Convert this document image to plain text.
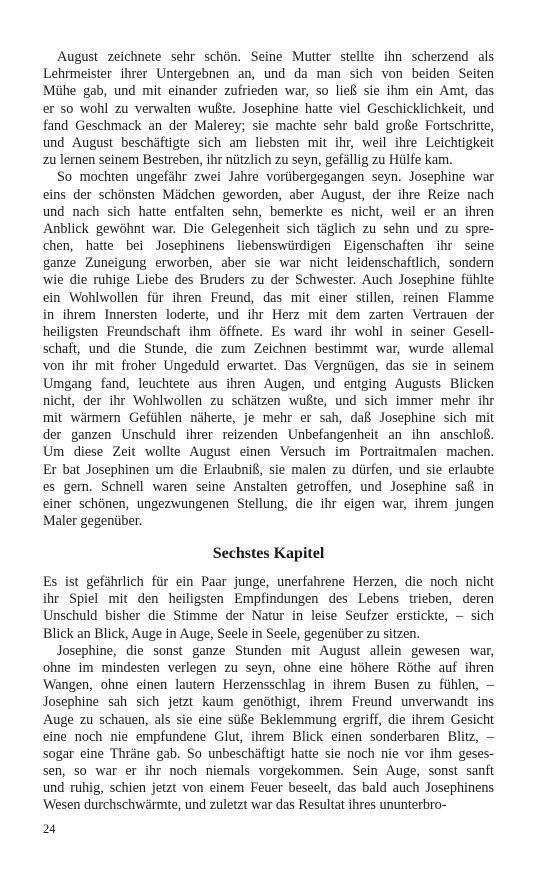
August zeichnete sehr schön. Seine Mutter stellte ihn scherzend als
Lehrmeister ihrer Untergebnen an, und da man sich von beiden Seiten
Mühe gab, und mit einander zufrieden war, so ließ sie ihm ein Amt, das
er so wohl zu verwalten wußte. Josephine hatte viel Geschicklichkeit, und
fand Geschmack an der Malerey; sie machte sehr bald große Fortschritte,
und August beschäftigte sich am liebsten mit ihr, weil ihre Leichtigkeit
zu lernen seinem Bestreben, ihr nützlich zu seyn, gefällig zu Hülfe kam.
So mochten ungefähr zwei Jahre vorübergegangen seyn. Josephine war
eins der schönsten Mädchen geworden, aber August, der ihre Reize nach
und nach sich hatte entfalten sehn, bemerkte es nicht, weil er an ihren
Anblick gewöhnt war. Die Gelegenheit sich täglich zu sehn und zu spre-
chen, hatte bei Josephinens liebenswürdigen Eigenschaften ihr seine
ganze Zuneigung erworben, aber sie war nicht leidenschaftlich, sondern
wie die ruhige Liebe des Bruders zu der Schwester. Auch Josephine fühlte
ein Wohlwollen für ihren Freund, das mit einer stillen, reinen Flamme
in ihrem Innersten loderte, und ihr Herz mit dem zarten Vertrauen der
heiligsten Freundschaft ihm öffnete. Es ward ihr wohl in seiner Gesell-
schaft, und die Stunde, die zum Zeichnen bestimmt war, wurde allemal
von ihr mit froher Ungeduld erwartet. Das Vergnügen, das sie in seinem
Umgang fand, leuchtete aus ihren Augen, und entging Augusts Blicken
nicht, der ihr Wohlwollen zu schätzen wußte, und sich immer mehr ihr
mit wärmern Gefühlen näherte, je mehr er sah, daß Josephine sich mit
der ganzen Unschuld ihrer reizenden Unbefangenheit an ihn anschloß.
Um diese Zeit wollte August einen Versuch im Portraitmalen machen.
Er bat Josephinen um die Erlaubniß, sie malen zu dürfen, und sie erlaubte
es gern. Schnell waren seine Anstalten getroffen, und Josephine saß in
einer schönen, ungezwungenen Stellung, die ihr eigen war, ihrem jungen
Maler gegenüber.
Sechstes Kapitel
Es ist gefährlich für ein Paar junge, unerfahrene Herzen, die noch nicht
ihr Spiel mit den heiligsten Empfindungen des Lebens trieben, deren
Unschuld bisher die Stimme der Natur in leise Seufzer erstickte, – sich
Blick an Blick, Auge in Auge, Seele in Seele, gegenüber zu sitzen.
Josephine, die sonst ganze Stunden mit August allein gewesen war,
ohne im mindesten verlegen zu seyn, ohne eine höhere Röthe auf ihren
Wangen, ohne einen lautern Herzensschlag in ihrem Busen zu fühlen, –
Josephine sah sich jetzt kaum genöthigt, ihrem Freund unverwandt ins
Auge zu schauen, als sie eine süße Beklemmung ergriff, die ihrem Gesicht
eine noch nie empfundene Glut, ihrem Blick einen sonderbaren Blitz, –
sogar eine Thräne gab. So unbeschäftigt hatte sie noch nie vor ihm geses-
sen, so war er ihr noch niemals vorgekommen. Sein Auge, sonst sanft
und ruhig, schien jetzt von einem Feuer beseelt, das bald auch Josephinens
Wesen durchschwärmte, und zuletzt war das Resultat ihres ununterbro-
24
